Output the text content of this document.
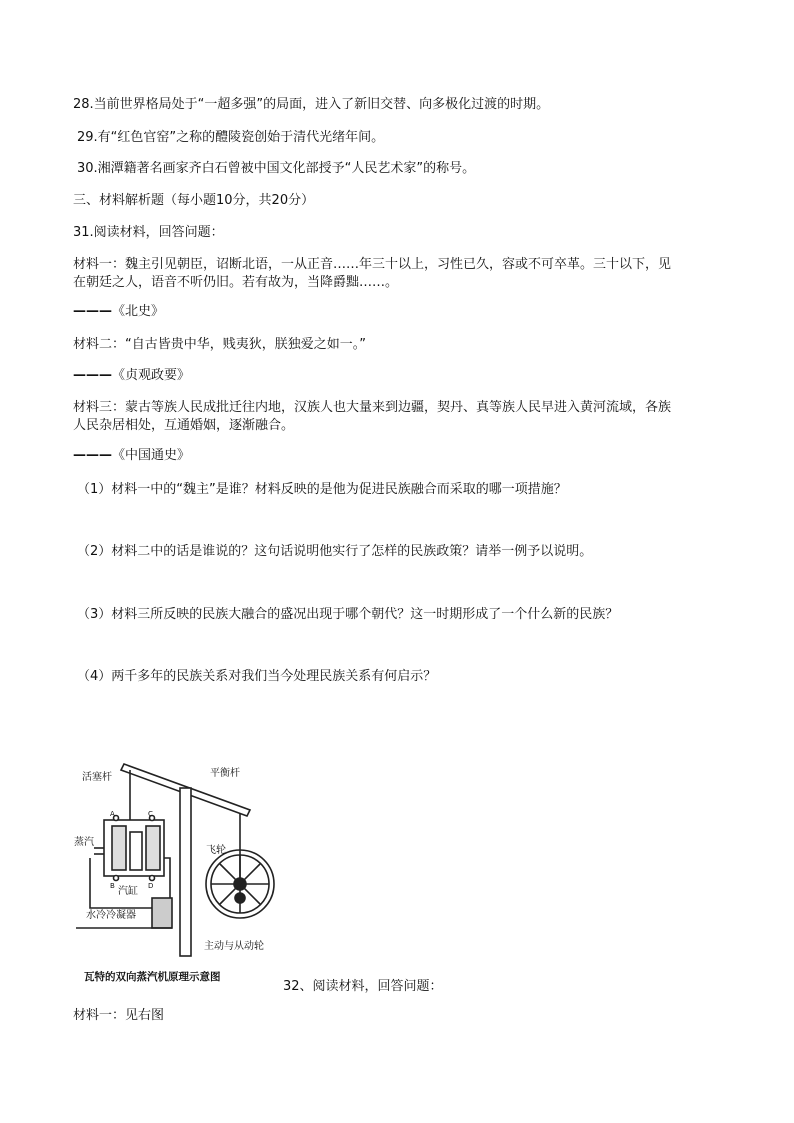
28.当前世界格局处于“一超多强”的局面，进入了新旧交替、向多极化过渡的时期。
29.有“红色官窑”之称的醴陵瓷创始于清代光绪年间。
30.湘潭籍著名画家齐白石曾被中国文化部授予“人民艺术家”的称号。
三、材料解析题（每小题10分，共20分）
31.阅读材料，回答问题：
材料一：魏主引见朝臣，诏断北语，一从正音……年三十以上，习性已久，容或不可卒革。三十以下，见
在朝廷之人，语音不听仍旧。若有故为，当降爵黜……。
———《北史》
材料二：“自古皆贵中华，贱夷狄，朕独爱之如一。”
———《贞观政要》
材料三：蒙古等族人民成批迁往内地，汉族人也大量来到边疆，契丹、真等族人民早进入黄河流域，各族
人民杂居相处，互通婚姻，逐渐融合。
———《中国通史》
（1）材料一中的“魏主”是谁？材料反映的是他为促进民族融合而采取的哪一项措施？
（2）材料二中的话是谁说的？这句话说明他实行了怎样的民族政策？请举一例予以说明。
（3）材料三所反映的民族大融合的盛况出现于哪个朝代？这一时期形成了一个什么新的民族？
（4）两千多年的民族关系对我们当今处理民族关系有何启示？
平衡杆
活塞杆
蒸汽
飞轮
汽缸
水冷冷凝器
主动与从动轮
A	C
B	D
瓦特的双向蒸汽机原理示意图
32、阅读材料，回答问题：
材料一：见右图
